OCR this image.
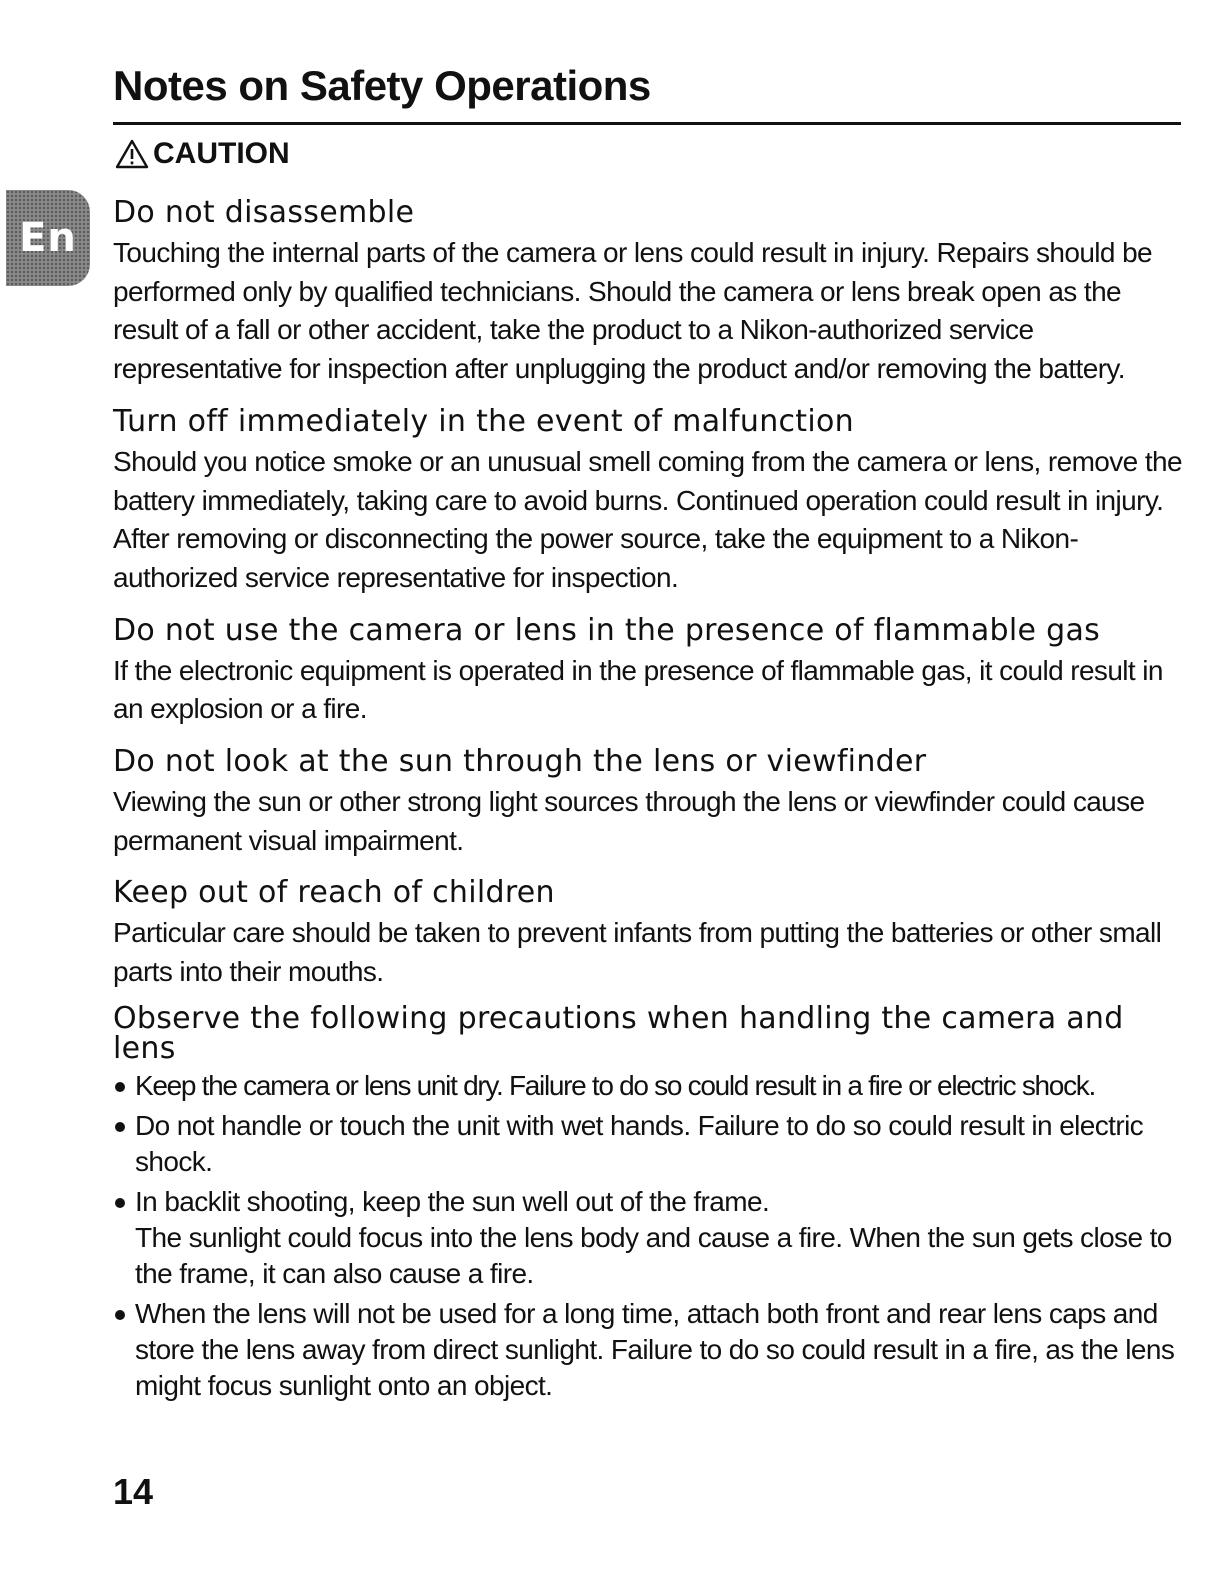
Notes on Safety Operations
CAUTION
En
Do not disassemble

Touching the internal parts of the camera or lens could result in injury. Repairs should be performed only by qualified technicians. Should the camera or lens break open as the result of a fall or other accident, take the product to a Nikon-authorized service representative for inspection after unplugging the product and/or removing the battery.

Turn off immediately in the event of malfunction

Should you notice smoke or an unusual smell coming from the camera or lens, remove the battery immediately, taking care to avoid burns. Continued operation could result in injury. After removing or disconnecting the power source, take the equipment to a Nikon-authorized service representative for inspection.

Do not use the camera or lens in the presence of flammable gas

If the electronic equipment is operated in the presence of flammable gas, it could result in an explosion or a fire.

Do not look at the sun through the lens or viewfinder

Viewing the sun or other strong light sources through the lens or viewfinder could cause permanent visual impairment.

Keep out of reach of children

Particular care should be taken to prevent infants from putting the batteries or other small parts into their mouths.

Observe the following precautions when handling the camera and lens
Keep the camera or lens unit dry. Failure to do so could result in a fire or electric shock.
Do not handle or touch the unit with wet hands. Failure to do so could result in electric shock.
In backlit shooting, keep the sun well out of the frame.
The sunlight could focus into the lens body and cause a fire. When the sun gets close to the frame, it can also cause a fire.
When the lens will not be used for a long time, attach both front and rear lens caps and store the lens away from direct sunlight. Failure to do so could result in a fire, as the lens might focus sunlight onto an object.

14
